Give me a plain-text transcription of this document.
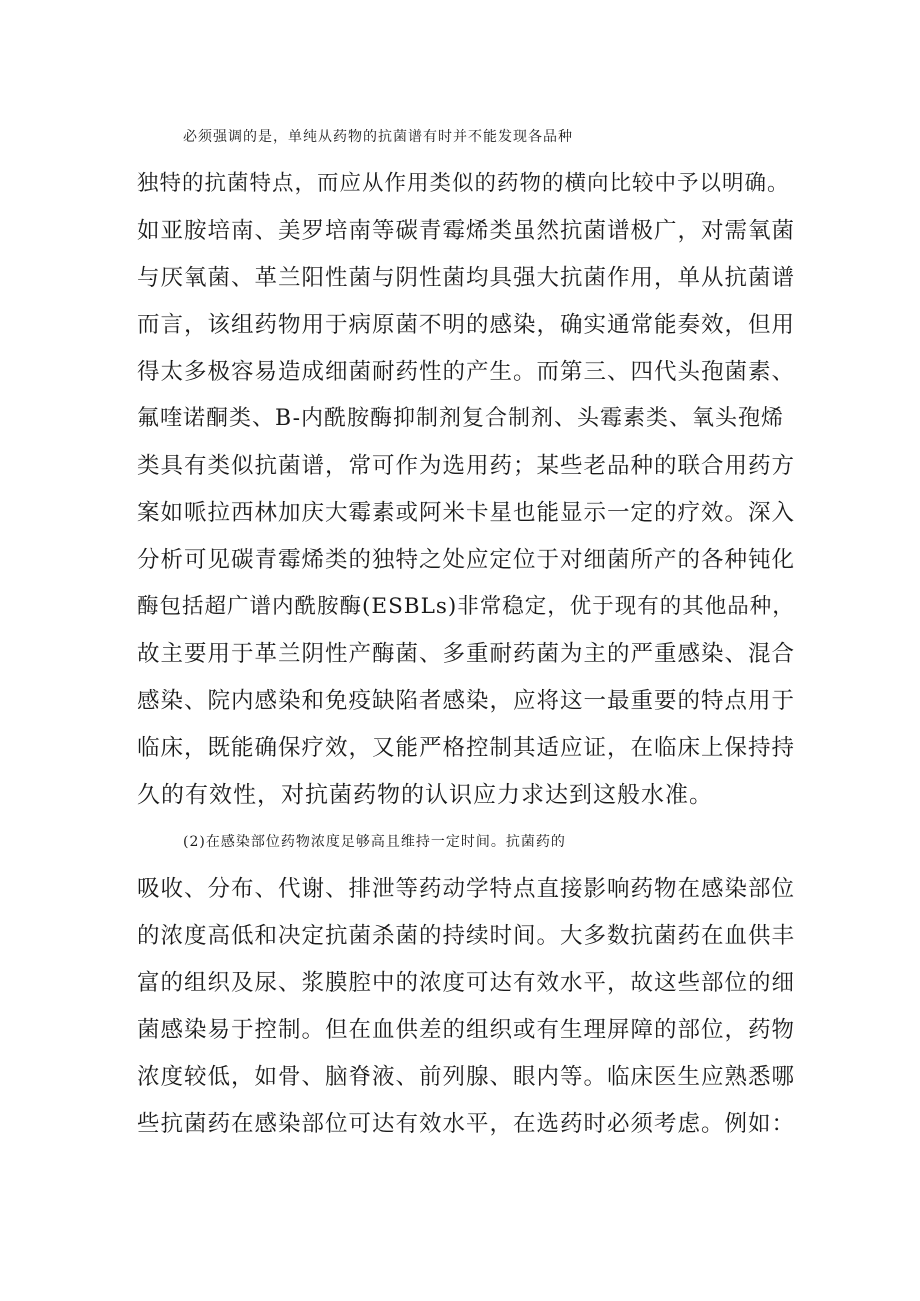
必须强调的是，单纯从药物的抗菌谱有时并不能发现各品种
独特的抗菌特点，而应从作用类似的药物的横向比较中予以明确。
如亚胺培南、美罗培南等碳青霉烯类虽然抗菌谱极广，对需氧菌
与厌氧菌、革兰阳性菌与阴性菌均具强大抗菌作用，单从抗菌谱
而言，该组药物用于病原菌不明的感染，确实通常能奏效，但用
得太多极容易造成细菌耐药性的产生。而第三、四代头孢菌素、
氟喹诺酮类、B-内酰胺酶抑制剂复合制剂、头霉素类、氧头孢烯
类具有类似抗菌谱，常可作为选用药；某些老品种的联合用药方
案如哌拉西林加庆大霉素或阿米卡星也能显示一定的疗效。深入
分析可见碳青霉烯类的独特之处应定位于对细菌所产的各种钝化
酶包括超广谱内酰胺酶(ESBLs)非常稳定，优于现有的其他品种，
故主要用于革兰阴性产酶菌、多重耐药菌为主的严重感染、混合
感染、院内感染和免疫缺陷者感染，应将这一最重要的特点用于
临床，既能确保疗效，又能严格控制其适应证，在临床上保持持
久的有效性，对抗菌药物的认识应力求达到这般水准。
(2)在感染部位药物浓度足够高且维持一定时间。抗菌药的
吸收、分布、代谢、排泄等药动学特点直接影响药物在感染部位
的浓度高低和决定抗菌杀菌的持续时间。大多数抗菌药在血供丰
富的组织及尿、浆膜腔中的浓度可达有效水平，故这些部位的细
菌感染易于控制。但在血供差的组织或有生理屏障的部位，药物
浓度较低，如骨、脑脊液、前列腺、眼内等。临床医生应熟悉哪
些抗菌药在感染部位可达有效水平，在选药时必须考虑。例如：
